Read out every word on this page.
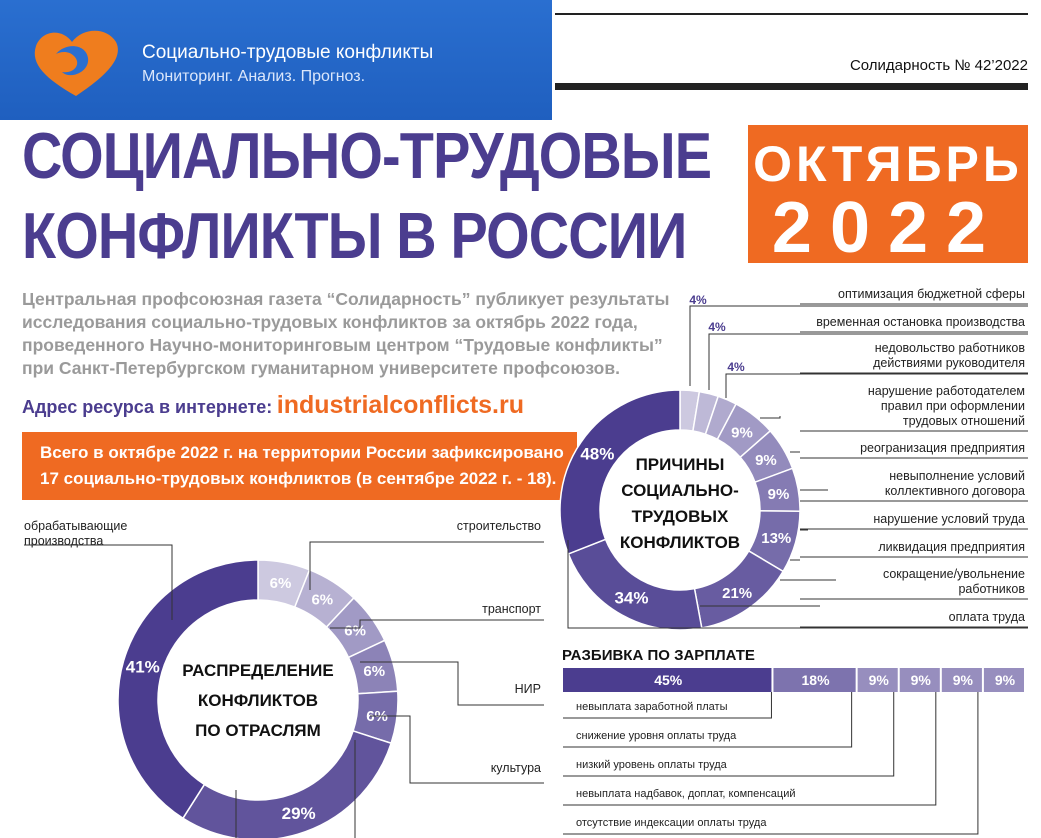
Социально-трудовые конфликты
Мониторинг. Анализ. Прогноз.
Солидарность № 42’2022
СОЦИАЛЬНО-ТРУДОВЫЕ
КОНФЛИКТЫ В РОССИИ
ОКТЯБРЬ
2022
Центральная профсоюзная газета “Солидарность” публикует результаты
исследования социально-трудовых конфликтов за октябрь 2022 года,
проведенного Научно-мониторинговым центром “Трудовые конфликты”
при Санкт-Петербургском гуманитарном университете профсоюзов.
Адрес ресурса в интернете: industrialconflicts.ru
Всего в октябре 2022 г. на территории России зафиксировано
17 социально-трудовых конфликтов (в сентябре 2022 г. - 18).
ПРИЧИНЫ
СОЦИАЛЬНО-
ТРУДОВЫХ
КОНФЛИКТОВ
4%
4%
4%
9%
9%
9%
13%
21%
34%
48%
оптимизация бюджетной сферы
временная остановка производства
недовольство работников
действиями руководителя
нарушение работодателем
правил при оформлении
трудовых отношений
реогранизация предприятия
невыполнение условий
коллективного договора
нарушение условий труда
ликвидация предприятия
сокращение/увольнение
работников
оплата труда
РАСПРЕДЕЛЕНИЕ
КОНФЛИКТОВ
ПО ОТРАСЛЯМ
6%
6%
6%
6%
6%
29%
41%
строительство
транспорт
НИР
культура
обрабатывающие
производства
РАЗБИВКА ПО ЗАРПЛАТЕ
45%	18%	9% 9% 9% 9%
невыплата заработной платы
снижение уровня оплаты труда
низкий уровень оплаты труда
невыплата надбавок, доплат, компенсаций
отсутствие индексации оплаты труда
